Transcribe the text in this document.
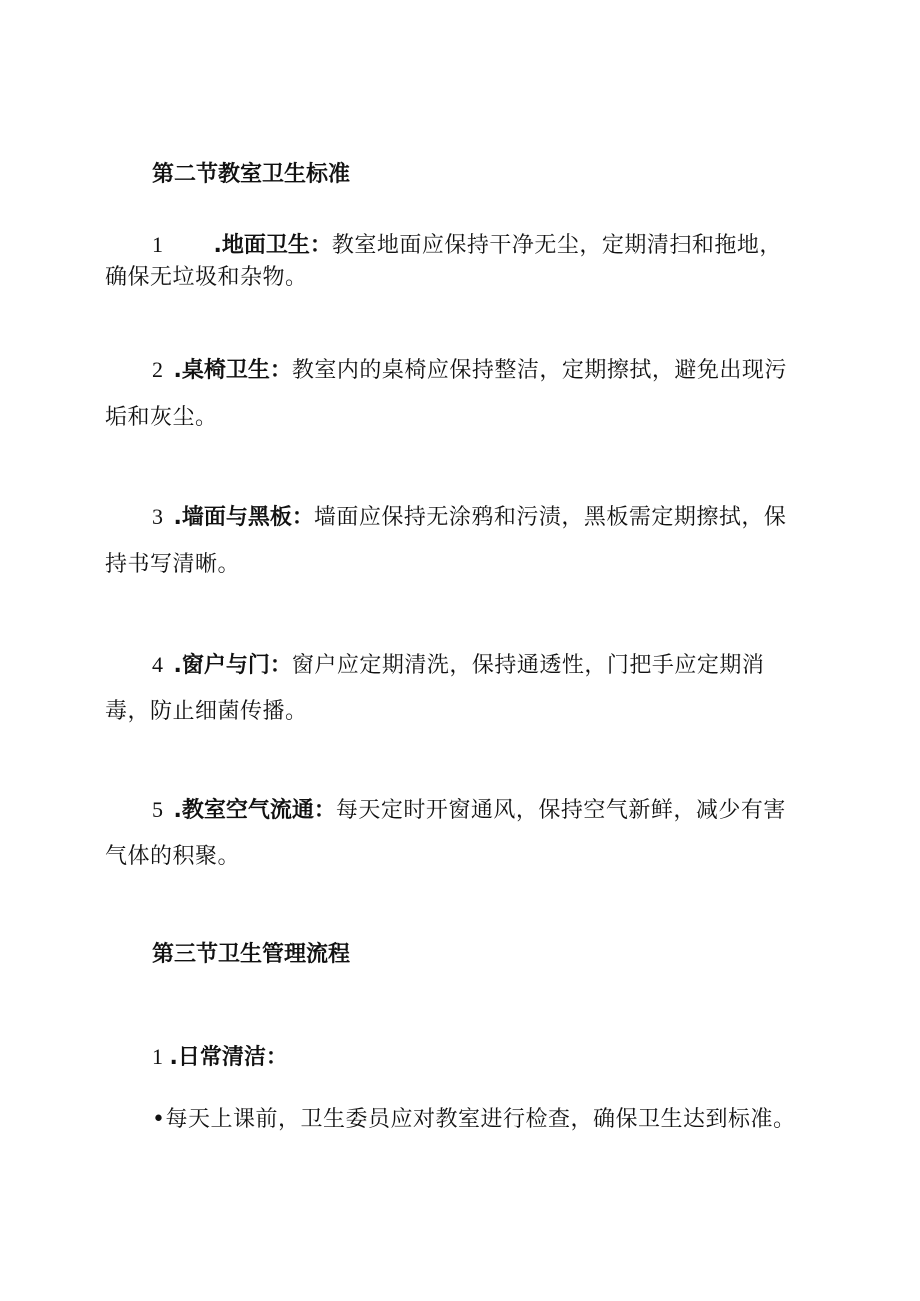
第二节教室卫生标准
1 .地面卫生：教室地面应保持干净无尘，定期清扫和拖地，
确保无垃圾和杂物。
2 .桌椅卫生：教室内的桌椅应保持整洁，定期擦拭，避免出现污
垢和灰尘。
3 .墙面与黑板：墙面应保持无涂鸦和污渍，黑板需定期擦拭，保
持书写清晰。
4 .窗户与门：窗户应定期清洗，保持通透性，门把手应定期消
毒，防止细菌传播。
5 .教室空气流通：每天定时开窗通风，保持空气新鲜，减少有害
气体的积聚。
第三节卫生管理流程
1 .日常清洁：
•每天上课前，卫生委员应对教室进行检查，确保卫生达到标准。
